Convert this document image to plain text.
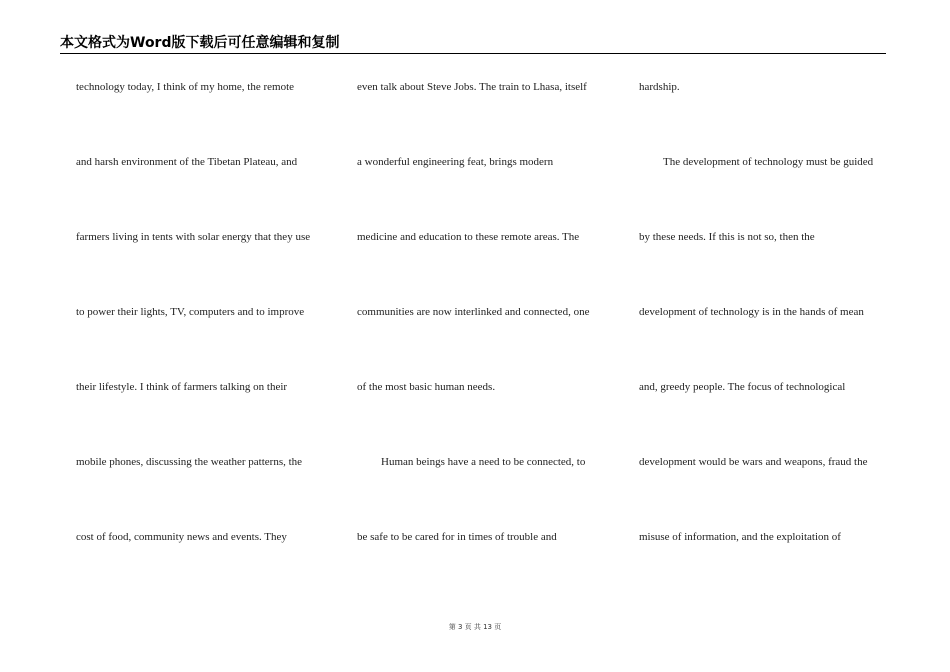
本文格式为Word版下载后可任意编辑和复制
technology today, I think of my home, the remote
and harsh environment of the Tibetan Plateau, and
farmers living in tents with solar energy that they use
to power their lights, TV, computers and to improve
their lifestyle. I think of farmers talking on their
mobile phones, discussing the weather patterns, the
cost of food, community news and events. They
even talk about Steve Jobs. The train to Lhasa, itself
a wonderful engineering feat, brings modern
medicine and education to these remote areas. The
communities are now interlinked and connected, one
of the most basic human needs.
Human beings have a need to be connected, to
be safe to be cared for in times of trouble and
hardship.
The development of technology must be guided
by these needs. If this is not so, then the
development of technology is in the hands of mean
and, greedy people. The focus of technological
development would be wars and weapons, fraud the
misuse of information, and the exploitation of
第 3 页 共 13 页
